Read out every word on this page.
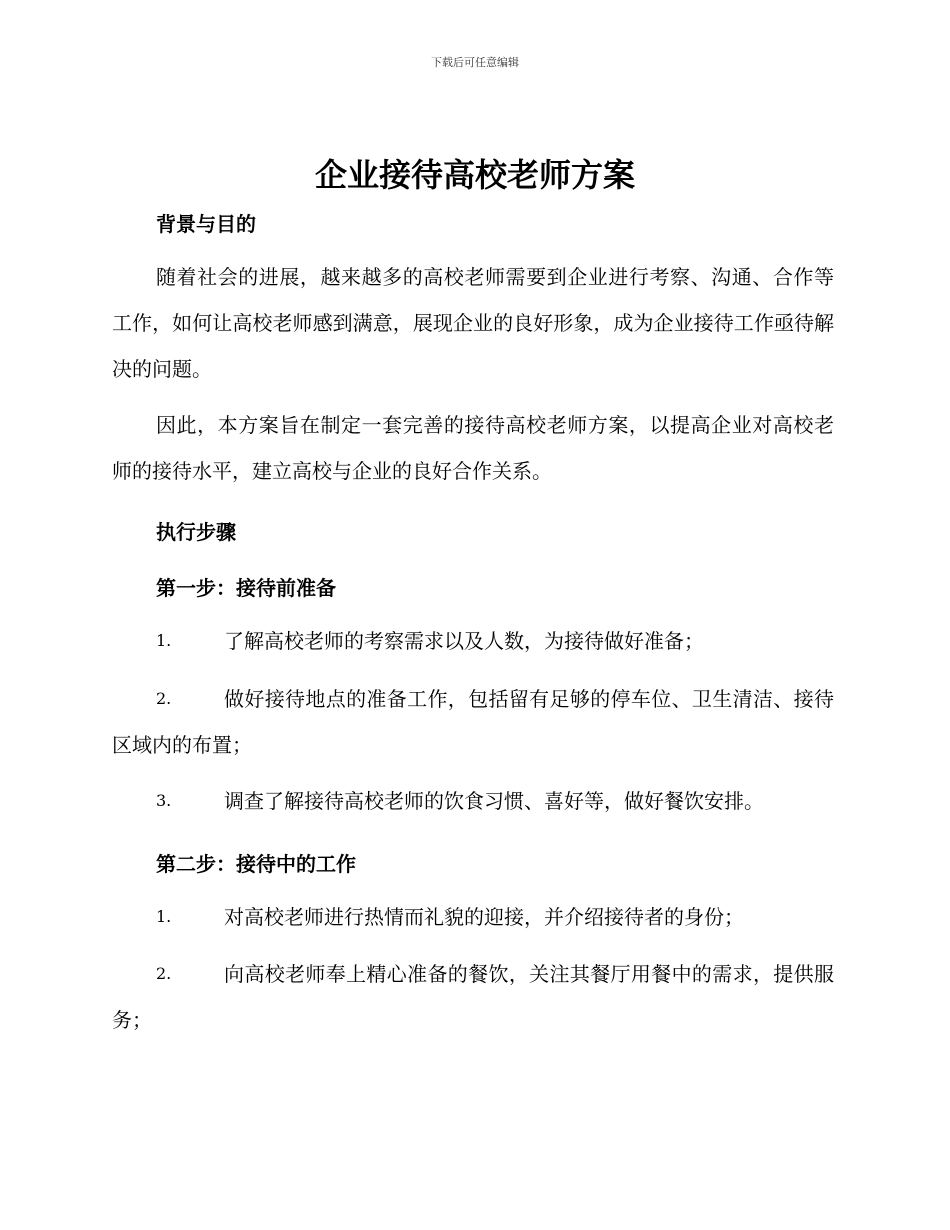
下载后可任意编辑
企业接待高校老师方案
背景与目的
随着社会的进展，越来越多的高校老师需要到企业进行考察、沟通、合作等工作，如何让高校老师感到满意，展现企业的良好形象，成为企业接待工作亟待解决的问题。
因此，本方案旨在制定一套完善的接待高校老师方案，以提高企业对高校老师的接待水平，建立高校与企业的良好合作关系。
执行步骤
第一步：接待前准备
1.	了解高校老师的考察需求以及人数，为接待做好准备；
2.	做好接待地点的准备工作，包括留有足够的停车位、卫生清洁、接待区域内的布置；
3.	调查了解接待高校老师的饮食习惯、喜好等，做好餐饮安排。
第二步：接待中的工作
1.	对高校老师进行热情而礼貌的迎接，并介绍接待者的身份；
2.	向高校老师奉上精心准备的餐饮，关注其餐厅用餐中的需求，提供服务；
